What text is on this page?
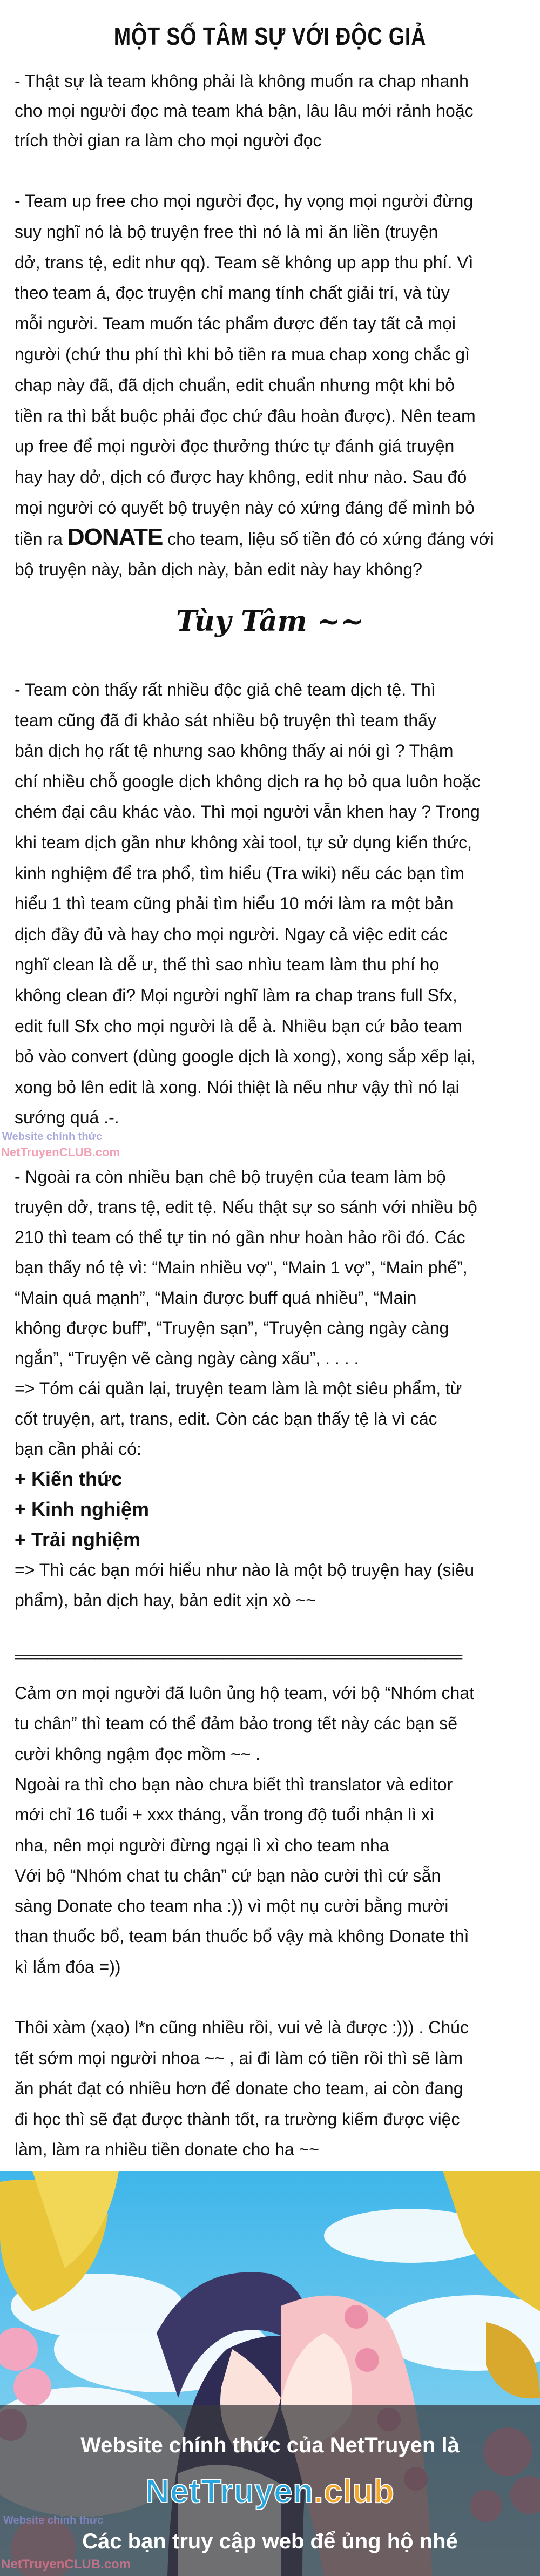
MỘT SỐ TÂM SỰ VỚI ĐỘC GIẢ
Tùy Tâm ~~
====================================================================================
tiền ra DONATE cho team, liệu số tiền đó có xứng đáng với
Website chính thức
NetTruyenCLUB.com
Website chính thức của NetTruyen là
NetTruyen.club
Các bạn truy cập web để ủng hộ nhé
Website chính thức
NetTruyenCLUB.com
- Thật sự là team không phải là không muốn ra chap nhanh
cho mọi người đọc mà team khá bận, lâu lâu mới rảnh hoặc
trích thời gian ra làm cho mọi người đọc
- Team up free cho mọi người đọc, hy vọng mọi người đừng
suy nghĩ nó là bộ truyện free thì nó là mì ăn liền (truyện
dở, trans tệ, edit như qq). Team sẽ không up app thu phí. Vì
theo team á, đọc truyện chỉ mang tính chất giải trí, và tùy
mỗi người. Team muốn tác phẩm được đến tay tất cả mọi
người (chứ thu phí thì khi bỏ tiền ra mua chap xong chắc gì
chap này đã, đã dịch chuẩn, edit chuẩn nhưng một khi bỏ
tiền ra thì bắt buộc phải đọc chứ đâu hoàn được). Nên team
up free để mọi người đọc thưởng thức tự đánh giá truyện
hay hay dở, dịch có được hay không, edit như nào. Sau đó
mọi người có quyết bộ truyện này có xứng đáng để mình bỏ
bộ truyện này, bản dịch này, bản edit này hay không?
- Team còn thấy rất nhiều độc giả chê team dịch tệ. Thì
team cũng đã đi khảo sát nhiều bộ truyện thì team thấy
bản dịch họ rất tệ nhưng sao không thấy ai nói gì ? Thậm
chí nhiều chỗ google dịch không dịch ra họ bỏ qua luôn hoặc
chém đại câu khác vào. Thì mọi người vẫn khen hay ? Trong
khi team dịch gần như không xài tool, tự sử dụng kiến thức,
kinh nghiệm để tra phổ, tìm hiểu (Tra wiki) nếu các bạn tìm
hiểu 1 thì team cũng phải tìm hiểu 10 mới làm ra một bản
dịch đầy đủ và hay cho mọi người. Ngay cả việc edit các
nghĩ clean là dễ ư, thế thì sao nhìu team làm thu phí họ
không clean đi? Mọi người nghĩ làm ra chap trans full Sfx,
edit full Sfx cho mọi người là dễ à. Nhiều bạn cứ bảo team
bỏ vào convert (dùng google dịch là xong), xong sắp xếp lại,
xong bỏ lên edit là xong. Nói thiệt là nếu như vậy thì nó lại
sướng quá .-.
- Ngoài ra còn nhiều bạn chê bộ truyện của team làm bộ
truyện dở, trans tệ, edit tệ. Nếu thật sự so sánh với nhiều bộ
210 thì team có thể tự tin nó gần như hoàn hảo rồi đó. Các
bạn thấy nó tệ vì: “Main nhiều vợ”, “Main 1 vợ”, “Main phế”,
“Main quá mạnh”, “Main được buff quá nhiều”, “Main
không được buff”, “Truyện sạn”, “Truyện càng ngày càng
ngắn”, “Truyện vẽ càng ngày càng xấu”, . . . .
=> Tóm cái quần lại, truyện team làm là một siêu phẩm, từ
cốt truyện, art, trans, edit. Còn các bạn thấy tệ là vì các
bạn cần phải có:
+ Kiến thức
+ Kinh nghiệm
+ Trải nghiệm
=> Thì các bạn mới hiểu như nào là một bộ truyện hay (siêu
phẩm), bản dịch hay, bản edit xịn xò ~~
Cảm ơn mọi người đã luôn ủng hộ team, với bộ “Nhóm chat
tu chân” thì team có thể đảm bảo trong tết này các bạn sẽ
cười không ngậm đọc mồm ~~ .
Ngoài ra thì cho bạn nào chưa biết thì translator và editor
mới chỉ 16 tuổi + xxx tháng, vẫn trong độ tuổi nhận lì xì
nha, nên mọi người đừng ngại lì xì cho team nha
Với bộ “Nhóm chat tu chân” cứ bạn nào cười thì cứ sẵn
sàng Donate cho team nha :)) vì một nụ cười bằng mười
than thuốc bổ, team bán thuốc bổ vậy mà không Donate thì
kì lắm đóa =))
Thôi xàm (xạo) l*n cũng nhiều rồi, vui vẻ là được :))) . Chúc
tết sớm mọi người nhoa ~~ , ai đi làm có tiền rồi thì sẽ làm
ăn phát đạt có nhiều hơn để donate cho team, ai còn đang
đi học thì sẽ đạt được thành tốt, ra trường kiếm được việc
làm, làm ra nhiều tiền donate cho ha ~~
